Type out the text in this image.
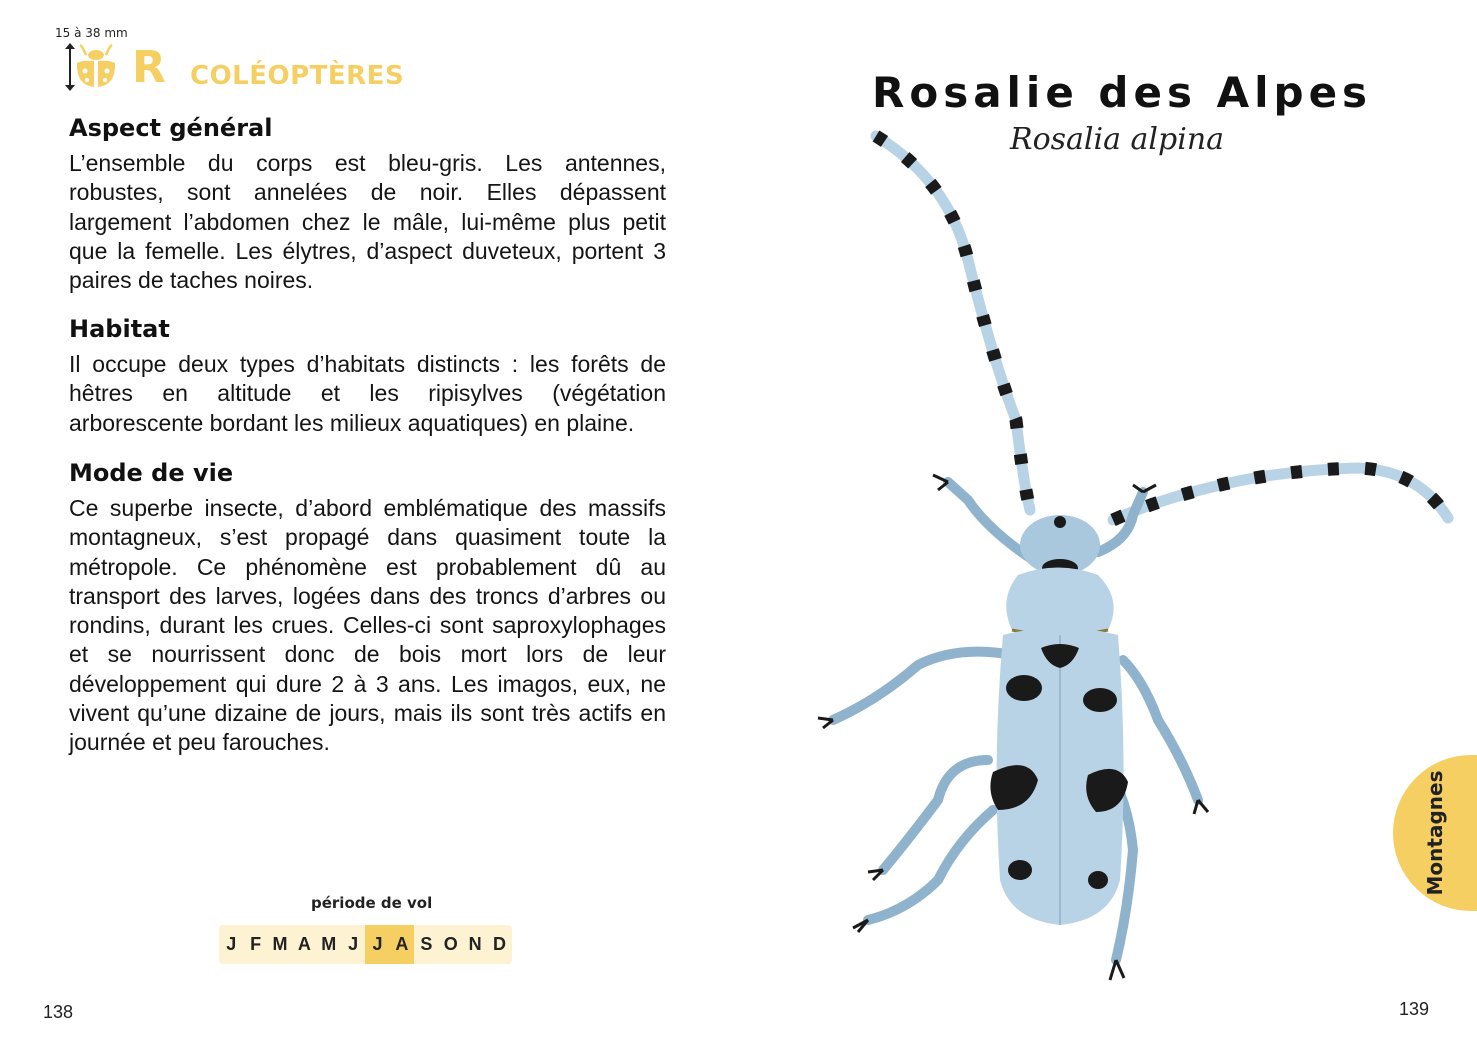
15 à 38 mm
R COLÉOPTÈRES
Aspect général

L’ensemble du corps est bleu-gris. Les antennes, robustes, sont annelées de noir. Elles dépassent largement l’abdomen chez le mâle, lui-même plus petit que la femelle. Les élytres, d’aspect duveteux, portent 3 paires de taches noires.

Habitat

Il occupe deux types d’habitats distincts : les forêts de hêtres en altitude et les ripisylves (végétation arborescente bordant les milieux aquatiques) en plaine.

Mode de vie

Ce superbe insecte, d’abord emblématique des massifs montagneux, s’est propagé dans quasiment toute la métropole. Ce phénomène est probablement dû au transport des larves, logées dans des troncs d’arbres ou rondins, durant les crues. Celles-ci sont saproxylophages et se nourrissent donc de bois mort lors de leur développement qui dure 2 à 3 ans. Les imagos, eux, ne vivent qu’une dizaine de jours, mais ils sont très actifs en journée et peu farouches.

période de vol
J F M A M J J A S O N D
138
Rosalie des Alpes

Rosalia alpina

Montagnes
139
